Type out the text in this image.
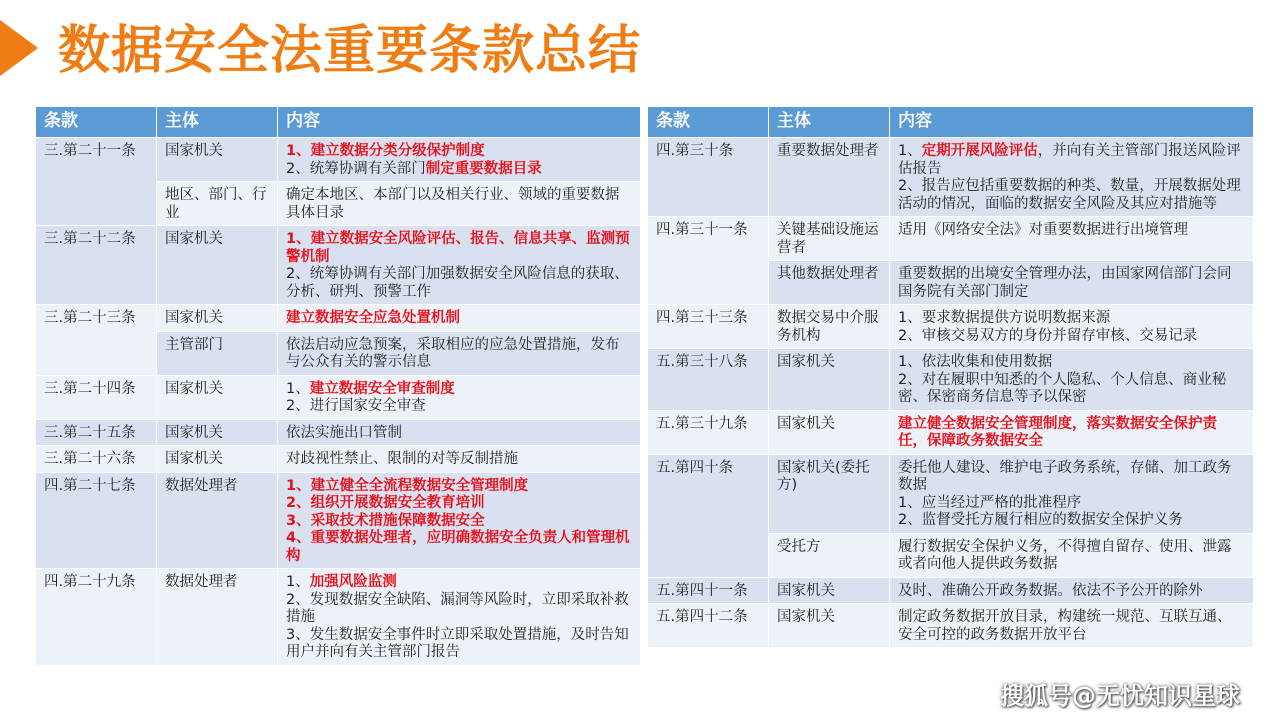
数据安全法重要条款总结
条款	主体	内容
三.第二十一条	国家机关	1、建立数据分类分级保护制度
2、统筹协调有关部门制定重要数据目录

	地区、部门、行业	确定本地区、本部门以及相关行业、领域的重要数据具体目录
三.第二十二条	国家机关	1、建立数据安全风险评估、报告、信息共享、监测预警机制
2、统筹协调有关部门加强数据安全风险信息的获取、分析、研判、预警工作

三.第二十三条	国家机关	建立数据安全应急处置机制
	主管部门	依法启动应急预案，采取相应的应急处置措施，发布与公众有关的警示信息
三.第二十四条	国家机关	1、建立数据安全审查制度
2、进行国家安全审查

三.第二十五条	国家机关	依法实施出口管制
三.第二十六条	国家机关	对歧视性禁止、限制的对等反制措施
四.第二十七条	数据处理者	1、建立健全全流程数据安全管理制度
2、组织开展数据安全教育培训
3、采取技术措施保障数据安全
4、重要数据处理者，应明确数据安全负责人和管理机构

四.第二十九条	数据处理者	1、加强风险监测
2、发现数据安全缺陷、漏洞等风险时，立即采取补救措施
3、发生数据安全事件时立即采取处置措施，及时告知用户并向有关主管部门报告
条款	主体	内容
四.第三十条	重要数据处理者	1、定期开展风险评估，并向有关主管部门报送风险评估报告
2、报告应包括重要数据的种类、数量，开展数据处理活动的情况，面临的数据安全风险及其应对措施等

四.第三十一条	关键基础设施运营者	适用《网络安全法》对重要数据进行出境管理
	其他数据处理者	重要数据的出境安全管理办法，由国家网信部门会同国务院有关部门制定
四.第三十三条	数据交易中介服务机构	1、要求数据提供方说明数据来源
2、审核交易双方的身份并留存审核、交易记录

五.第三十八条	国家机关	1、依法收集和使用数据
2、对在履职中知悉的个人隐私、个人信息、商业秘密、保密商务信息等予以保密

五.第三十九条	国家机关	建立健全数据安全管理制度，落实数据安全保护责任，保障政务数据安全
五.第四十条	国家机关(委托方)	委托他人建设、维护电子政务系统，存储、加工政务数据
1、应当经过严格的批准程序
2、监督受托方履行相应的数据安全保护义务

	受托方	履行数据安全保护义务，不得擅自留存、使用、泄露或者向他人提供政务数据
五.第四十一条	国家机关	及时、准确公开政务数据。依法不予公开的除外
五.第四十二条	国家机关	制定政务数据开放目录，构建统一规范、互联互通、安全可控的政务数据开放平台
搜狐号@无忧知识星球
